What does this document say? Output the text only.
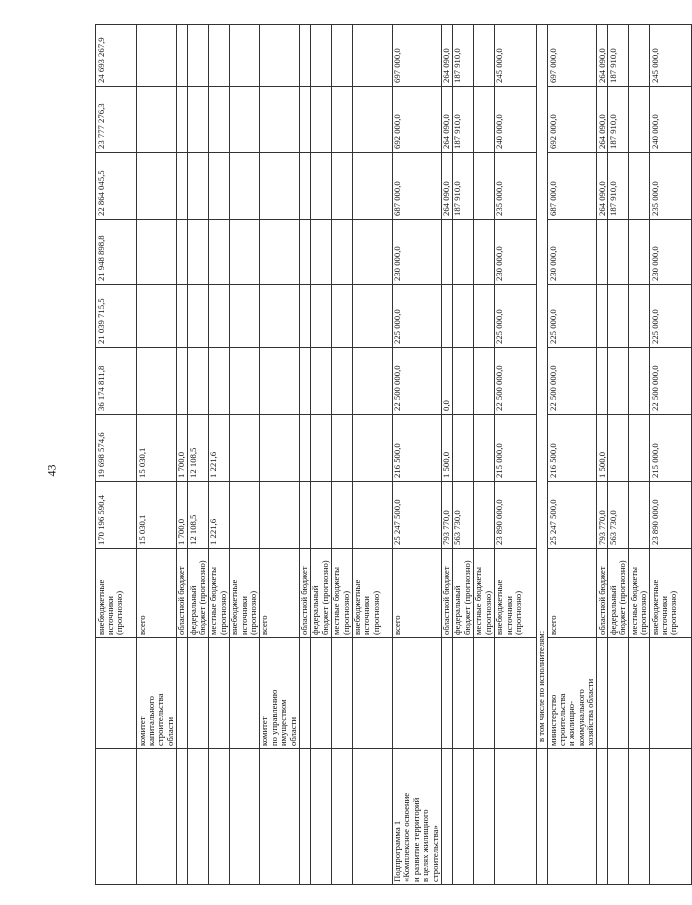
43
		внебюджетные
источники
(прогнозно)	170 196 590,4	19 698 574,6	36 174 811,8	21 039 715,5	21 948 898,8	22 864 045,5	23 777 276,3	24 693 267,9
	комитет
капитального
строительства
области	всего	15 030,1	15 030,1						
		областной бюджет	1 700,0	1 700,0						
		федеральный
бюджет (прогнозно)	12 108,5	12 108,5						
		местные бюджеты
(прогнозно)	1 221,6	1 221,6						
		внебюджетные
источники
(прогнозно)								
	комитет
по управлению
имуществом
области	всего								
		областной бюджет								
		федеральный
бюджет (прогнозно)								
		местные бюджеты
(прогнозно)								
		внебюджетные
источники
(прогнозно)								
Подпрограмма 1
«Комплексное освоение
и развитие территорий
в целях жилищного
строительства»		всего	25 247 500,0	216 500,0	22 500 000,0	225 000,0	230 000,0	687 000,0	692 000,0	697 000,0
		областной бюджет	793 770,0	1 500,0	0,0			264 090,0	264 090,0	264 090,0
		федеральный
бюджет (прогнозно)	563 730,0					187 910,0	187 910,0	187 910,0
		местные бюджеты
(прогнозно)								
		внебюджетные
источники
(прогнозно)	23 890 000,0	215 000,0	22 500 000,0	225 000,0	230 000,0	235 000,0	240 000,0	245 000,0
	в том числе по исполнителям:									
	министерство
строительства
и жилищно-
коммунального
хозяйства области	всего	25 247 500,0	216 500,0	22 500 000,0	225 000,0	230 000,0	687 000,0	692 000,0	697 000,0
		областной бюджет	793 770,0	1 500,0				264 090,0	264 090,0	264 090,0
		федеральный
бюджет (прогнозно)	563 730,0					187 910,0	187 910,0	187 910,0
		местные бюджеты
(прогнозно)								
		внебюджетные
источники
(прогнозно)	23 890 000,0	215 000,0	22 500 000,0	225 000,0	230 000,0	235 000,0	240 000,0	245 000,0
